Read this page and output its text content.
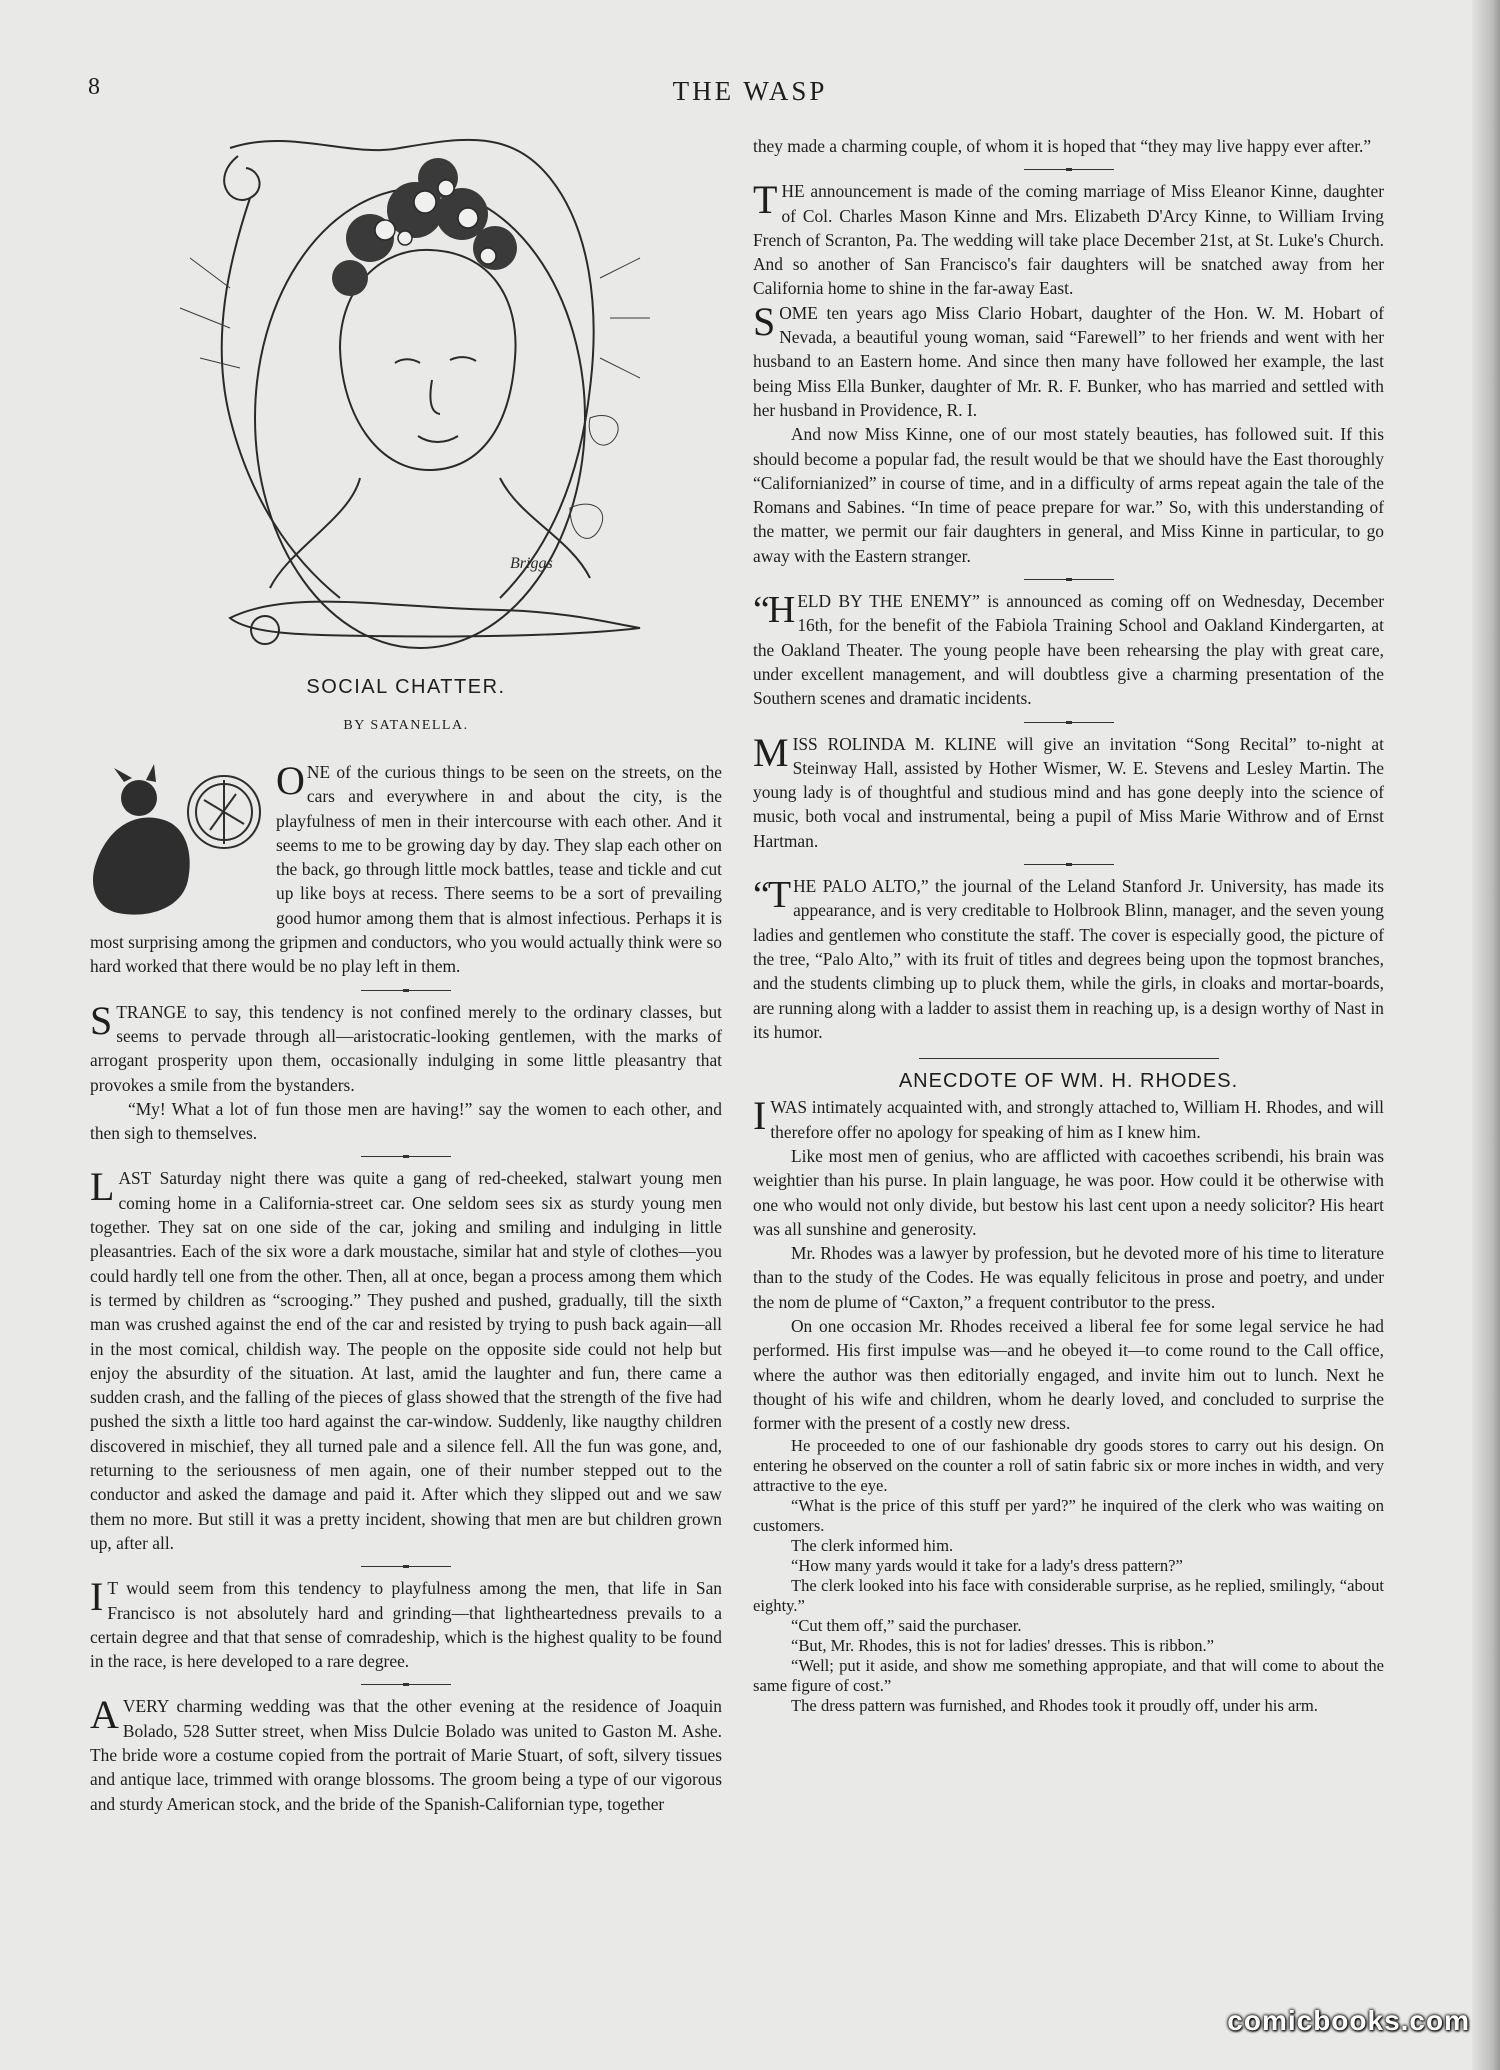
8	THE WASP
Briggs
SOCIAL CHATTER.
BY SATANELLA.

ONE of the curious things to be seen on the streets, on the cars and everywhere in and about the city, is the playfulness of men in their intercourse with each other. And it seems to me to be growing day by day. They slap each other on the back, go through little mock battles, tease and tickle and cut up like boys at recess. There seems to be a sort of prevailing good humor among them that is almost infectious. Perhaps it is most surprising among the gripmen and conductors, who you would actually think were so hard worked that there would be no play left in them.

STRANGE to say, this tendency is not confined merely to the ordinary classes, but seems to pervade through all—aristocratic-looking gentlemen, with the marks of arrogant prosperity upon them, occasionally indulging in some little pleasantry that provokes a smile from the bystanders.

“My! What a lot of fun those men are having!” say the women to each other, and then sigh to themselves.

LAST Saturday night there was quite a gang of red-cheeked, stalwart young men coming home in a California-street car. One seldom sees six as sturdy young men together. They sat on one side of the car, joking and smiling and indulging in little pleasantries. Each of the six wore a dark moustache, similar hat and style of clothes—you could hardly tell one from the other. Then, all at once, began a process among them which is termed by children as “scrooging.” They pushed and pushed, gradually, till the sixth man was crushed against the end of the car and resisted by trying to push back again—all in the most comical, childish way. The people on the opposite side could not help but enjoy the absurdity of the situation. At last, amid the laughter and fun, there came a sudden crash, and the falling of the pieces of glass showed that the strength of the five had pushed the sixth a little too hard against the car-window. Suddenly, like naugthy children discovered in mischief, they all turned pale and a silence fell. All the fun was gone, and, returning to the seriousness of men again, one of their number stepped out to the conductor and asked the damage and paid it. After which they slipped out and we saw them no more. But still it was a pretty incident, showing that men are but children grown up, after all.

I T would seem from this tendency to playfulness among the men, that life in San Francisco is not absolutely hard and grinding—that lightheartedness prevails to a certain degree and that that sense of comradeship, which is the highest quality to be found in the race, is here developed to a rare degree.

A VERY charming wedding was that the other evening at the residence of Joaquin Bolado, 528 Sutter street, when Miss Dulcie Bolado was united to Gaston M. Ashe. The bride wore a costume copied from the portrait of Marie Stuart, of soft, silvery tissues and antique lace, trimmed with orange blossoms. The groom being a type of our vigorous and sturdy American stock, and the bride of the Spanish-Californian type, together

they made a charming couple, of whom it is hoped that “they may live happy ever after.”

THE announcement is made of the coming marriage of Miss Eleanor Kinne, daughter of Col. Charles Mason Kinne and Mrs. Elizabeth D'Arcy Kinne, to William Irving French of Scranton, Pa. The wedding will take place December 21st, at St. Luke's Church. And so another of San Francisco's fair daughters will be snatched away from her California home to shine in the far-away East.

SOME ten years ago Miss Clario Hobart, daughter of the Hon. W. M. Hobart of Nevada, a beautiful young woman, said “Farewell” to her friends and went with her husband to an Eastern home. And since then many have followed her example, the last being Miss Ella Bunker, daughter of Mr. R. F. Bunker, who has married and settled with her husband in Providence, R. I.

And now Miss Kinne, one of our most stately beauties, has followed suit. If this should become a popular fad, the result would be that we should have the East thoroughly “Californianized” in course of time, and in a difficulty of arms repeat again the tale of the Romans and Sabines. “In time of peace prepare for war.” So, with this understanding of the matter, we permit our fair daughters in general, and Miss Kinne in particular, to go away with the Eastern stranger.

“HELD BY THE ENEMY” is announced as coming off on Wednesday, December 16th, for the benefit of the Fabiola Training School and Oakland Kindergarten, at the Oakland Theater. The young people have been rehearsing the play with great care, under excellent management, and will doubtless give a charming presentation of the Southern scenes and dramatic incidents.

MISS ROLINDA M. KLINE will give an invitation “Song Recital” to-night at Steinway Hall, assisted by Hother Wismer, W. E. Stevens and Lesley Martin. The young lady is of thoughtful and studious mind and has gone deeply into the science of music, both vocal and instrumental, being a pupil of Miss Marie Withrow and of Ernst Hartman.

“THE PALO ALTO,” the journal of the Leland Stanford Jr. University, has made its appearance, and is very creditable to Holbrook Blinn, manager, and the seven young ladies and gentlemen who constitute the staff. The cover is especially good, the picture of the tree, “Palo Alto,” with its fruit of titles and degrees being upon the topmost branches, and the students climbing up to pluck them, while the girls, in cloaks and mortar-boards, are running along with a ladder to assist them in reaching up, is a design worthy of Nast in its humor.

ANECDOTE OF WM. H. RHODES.

I WAS intimately acquainted with, and strongly attached to, William H. Rhodes, and will therefore offer no apology for speaking of him as I knew him.

Like most men of genius, who are afflicted with cacoethes scribendi, his brain was weightier than his purse. In plain language, he was poor. How could it be otherwise with one who would not only divide, but bestow his last cent upon a needy solicitor? His heart was all sunshine and generosity.

Mr. Rhodes was a lawyer by profession, but he devoted more of his time to literature than to the study of the Codes. He was equally felicitous in prose and poetry, and under the nom de plume of “Caxton,” a frequent contributor to the press.

On one occasion Mr. Rhodes received a liberal fee for some legal service he had performed. His first impulse was—and he obeyed it—to come round to the Call office, where the author was then editorially engaged, and invite him out to lunch. Next he thought of his wife and children, whom he dearly loved, and concluded to surprise the former with the present of a costly new dress.

He proceeded to one of our fashionable dry goods stores to carry out his design. On entering he observed on the counter a roll of satin fabric six or more inches in width, and very attractive to the eye.

“What is the price of this stuff per yard?” he inquired of the clerk who was waiting on customers.

The clerk informed him.

“How many yards would it take for a lady's dress pattern?”

The clerk looked into his face with considerable surprise, as he replied, smilingly, “about eighty.”

“Cut them off,” said the purchaser.

“But, Mr. Rhodes, this is not for ladies' dresses. This is ribbon.”

“Well; put it aside, and show me something appropiate, and that will come to about the same figure of cost.”

The dress pattern was furnished, and Rhodes took it proudly off, under his arm.

comicbooks.com
